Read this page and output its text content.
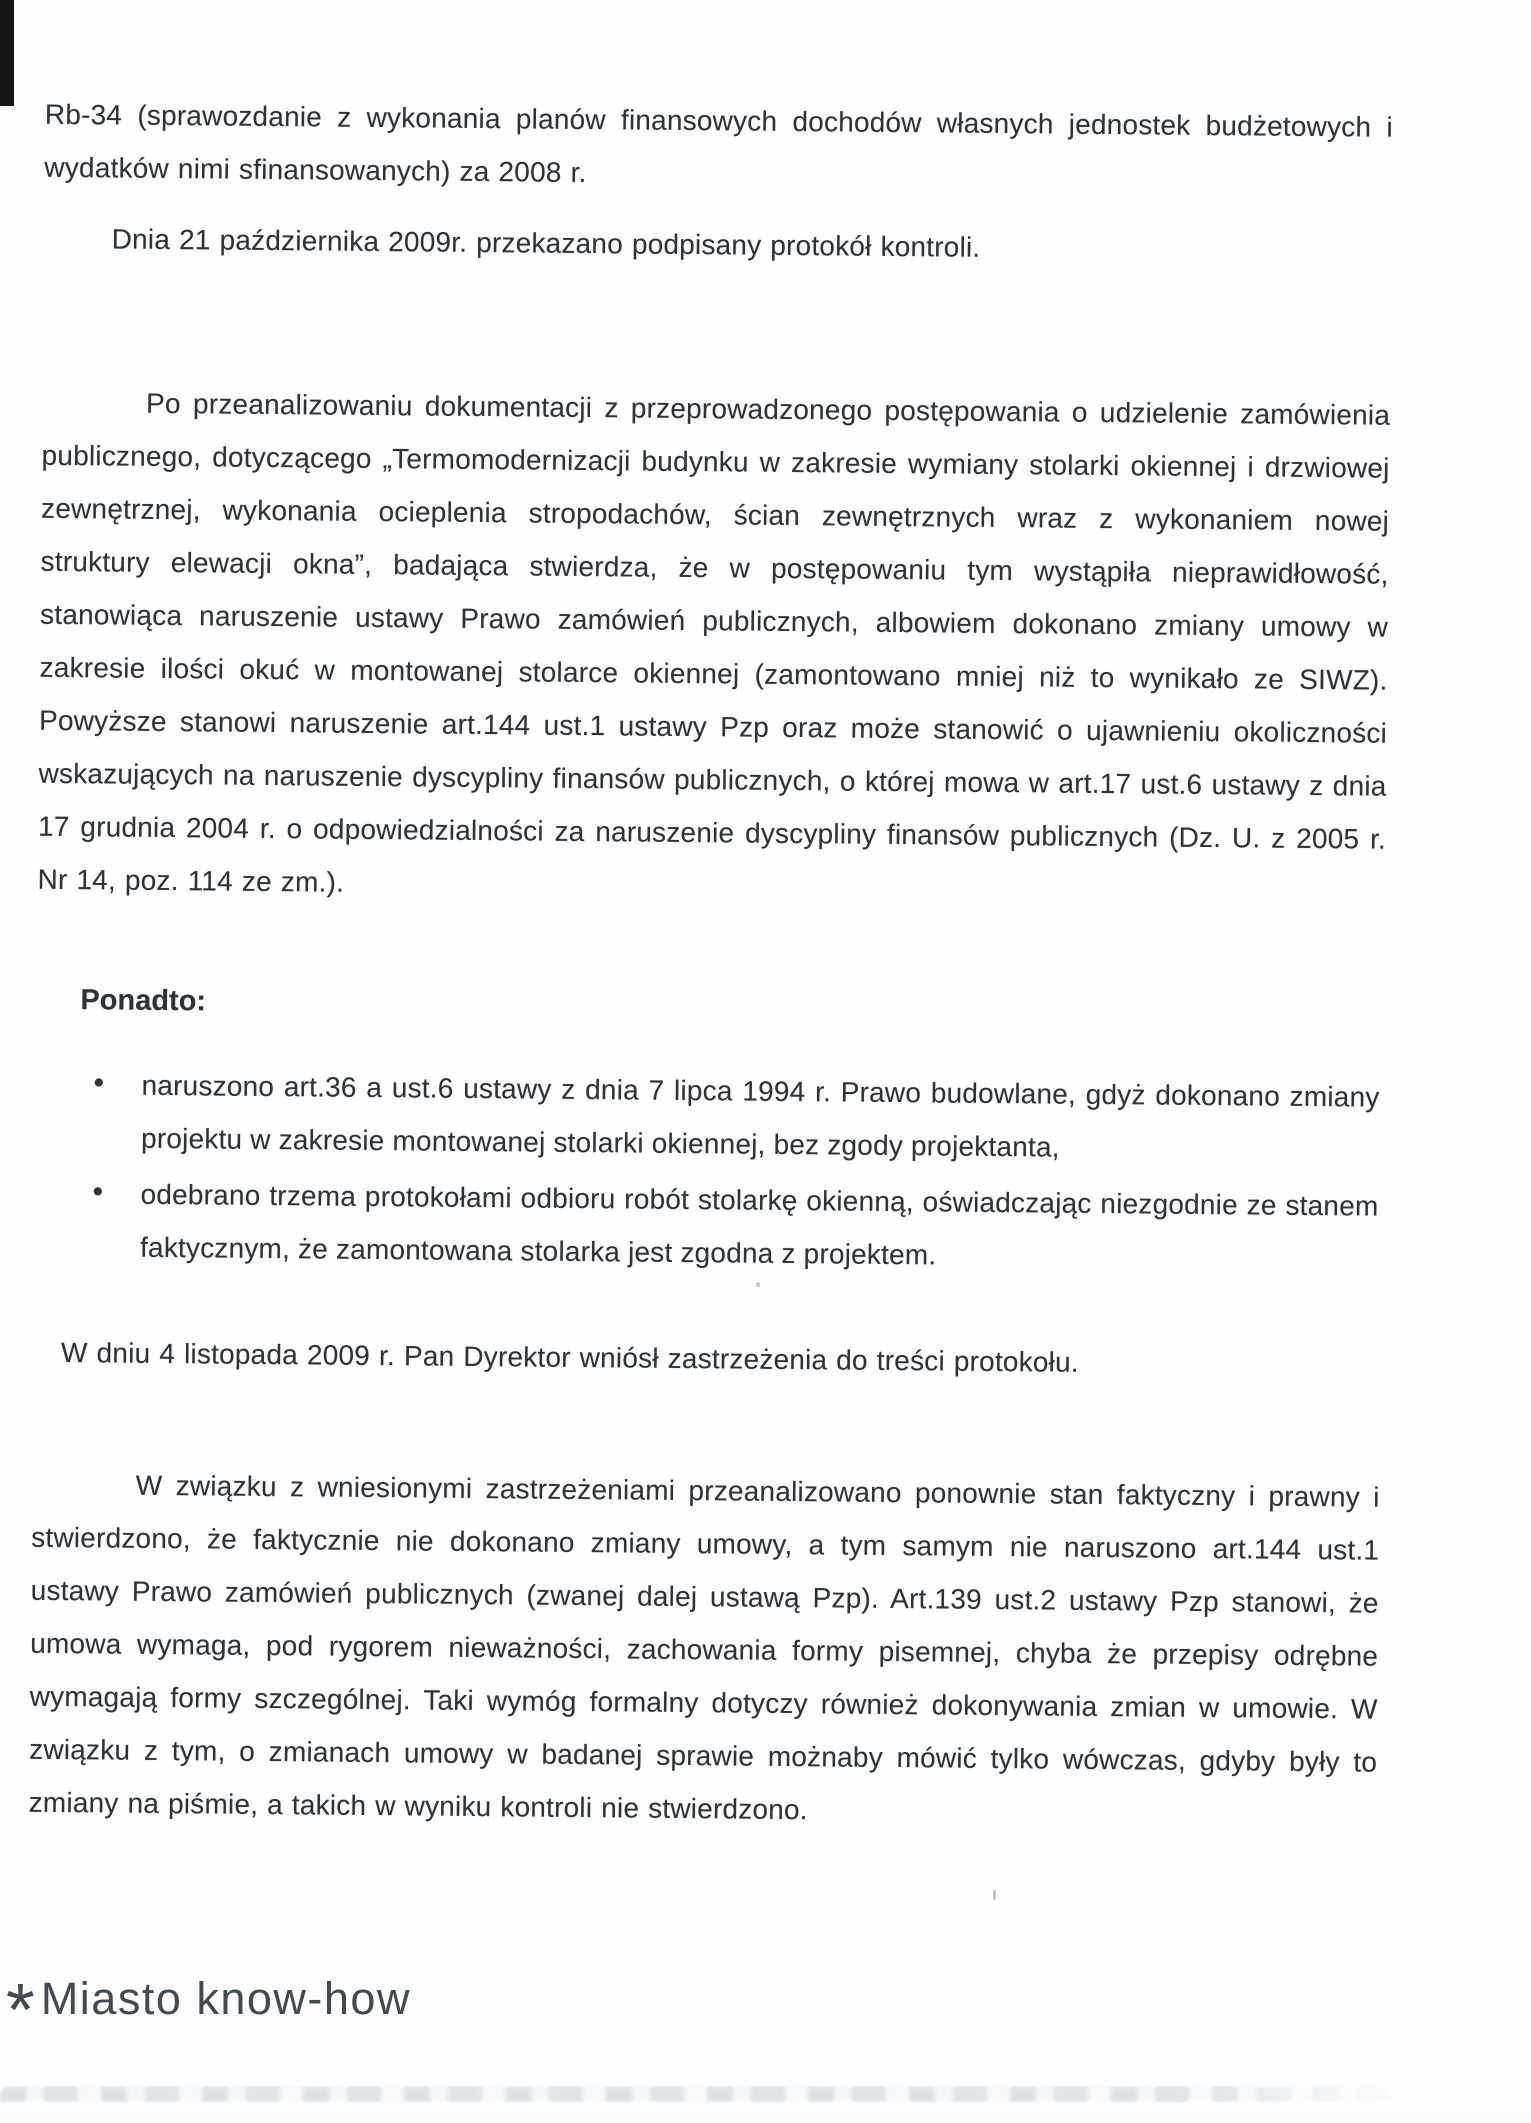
Rb-34 (sprawozdanie z wykonania planów finansowych dochodów własnych jednostek budżetowych i wydatków nimi sfinansowanych) za 2008 r.

Dnia 21 października 2009r. przekazano podpisany protokół kontroli.

Po przeanalizowaniu dokumentacji z przeprowadzonego postępowania o udzielenie zamówienia publicznego, dotyczącego „Termomodernizacji budynku w zakresie wymiany stolarki okiennej i drzwiowej zewnętrznej, wykonania ocieplenia stropodachów, ścian zewnętrznych wraz z wykonaniem nowej struktury elewacji okna”, badająca stwierdza, że w postępowaniu tym wystąpiła nieprawidłowość, stanowiąca naruszenie ustawy Prawo zamówień publicznych, albowiem dokonano zmiany umowy w zakresie ilości okuć w montowanej stolarce okiennej (zamontowano mniej niż to wynikało ze SIWZ). Powyższe stanowi naruszenie art.144 ust.1 ustawy Pzp oraz może stanowić o ujawnieniu okoliczności wskazujących na naruszenie dyscypliny finansów publicznych, o której mowa w art.17 ust.6 ustawy z dnia 17 grudnia 2004 r. o odpowiedzialności za naruszenie dyscypliny finansów publicznych (Dz. U. z 2005 r. Nr 14, poz. 114 ze zm.).

Ponadto:

• naruszono art.36 a ust.6 ustawy z dnia 7 lipca 1994 r. Prawo budowlane, gdyż dokonano zmiany projektu w zakresie montowanej stolarki okiennej, bez zgody projektanta,
• odebrano trzema protokołami odbioru robót stolarkę okienną, oświadczając niezgodnie ze stanem faktycznym, że zamontowana stolarka jest zgodna z projektem.

W dniu 4 listopada 2009 r. Pan Dyrektor wniósł zastrzeżenia do treści protokołu.

W związku z wniesionymi zastrzeżeniami przeanalizowano ponownie stan faktyczny i prawny i stwierdzono, że faktycznie nie dokonano zmiany umowy, a tym samym nie naruszono art.144 ust.1 ustawy Prawo zamówień publicznych (zwanej dalej ustawą Pzp). Art.139 ust.2 ustawy Pzp stanowi, że umowa wymaga, pod rygorem nieważności, zachowania formy pisemnej, chyba że przepisy odrębne wymagają formy szczególnej. Taki wymóg formalny dotyczy również dokonywania zmian w umowie. W związku z tym, o zmianach umowy w badanej sprawie możnaby mówić tylko wówczas, gdyby były to zmiany na piśmie, a takich w wyniku kontroli nie stwierdzono.

* Miasto know-how
